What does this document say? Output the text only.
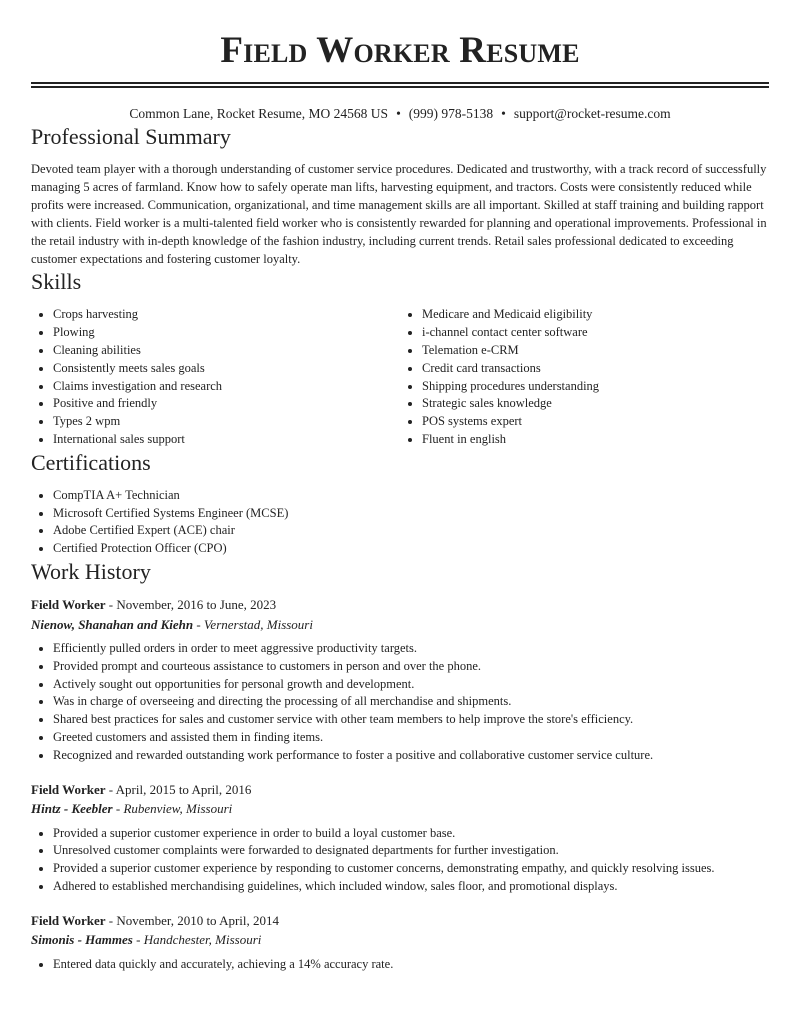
Field Worker Resume
Common Lane, Rocket Resume, MO 24568 US • (999) 978-5138 • support@rocket-resume.com
Professional Summary

Devoted team player with a thorough understanding of customer service procedures. Dedicated and trustworthy, with a track record of successfully managing 5 acres of farmland. Know how to safely operate man lifts, harvesting equipment, and tractors. Costs were consistently reduced while profits were increased. Communication, organizational, and time management skills are all important. Skilled at staff training and building rapport with clients. Field worker is a multi-talented field worker who is consistently rewarded for planning and operational improvements. Professional in the retail industry with in-depth knowledge of the fashion industry, including current trends. Retail sales professional dedicated to exceeding customer expectations and fostering customer loyalty.

Skills
• Crops harvesting
• Plowing
• Cleaning abilities
• Consistently meets sales goals
• Claims investigation and research
• Positive and friendly
• Types 2 wpm
• International sales support
• Medicare and Medicaid eligibility
• i-channel contact center software
• Telemation e-CRM
• Credit card transactions
• Shipping procedures understanding
• Strategic sales knowledge
• POS systems expert
• Fluent in english
Certifications
• CompTIA A+ Technician
• Microsoft Certified Systems Engineer (MCSE)
• Adobe Certified Expert (ACE) chair
• Certified Protection Officer (CPO)
Work History
Field Worker - November, 2016 to June, 2023
Nienow, Shanahan and Kiehn - Vernerstad, Missouri
• Efficiently pulled orders in order to meet aggressive productivity targets.
• Provided prompt and courteous assistance to customers in person and over the phone.
• Actively sought out opportunities for personal growth and development.
• Was in charge of overseeing and directing the processing of all merchandise and shipments.
• Shared best practices for sales and customer service with other team members to help improve the store's efficiency.
• Greeted customers and assisted them in finding items.
• Recognized and rewarded outstanding work performance to foster a positive and collaborative customer service culture.
Field Worker - April, 2015 to April, 2016
Hintz - Keebler - Rubenview, Missouri
• Provided a superior customer experience in order to build a loyal customer base.
• Unresolved customer complaints were forwarded to designated departments for further investigation.
• Provided a superior customer experience by responding to customer concerns, demonstrating empathy, and quickly resolving issues.
• Adhered to established merchandising guidelines, which included window, sales floor, and promotional displays.
Field Worker - November, 2010 to April, 2014
Simonis - Hammes - Handchester, Missouri
• Entered data quickly and accurately, achieving a 14% accuracy rate.
